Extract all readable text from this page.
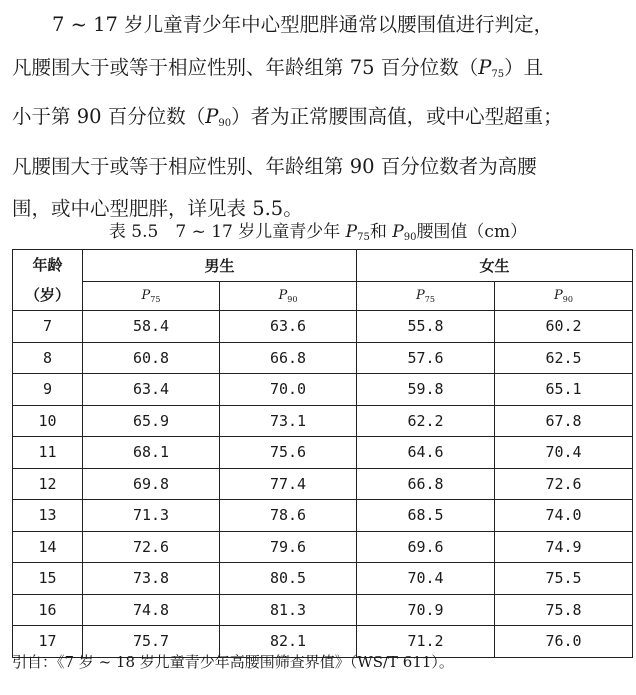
7 ~ 17 岁儿童青少年中心型肥胖通常以腰围值进行判定，
凡腰围大于或等于相应性别、年龄组第 75 百分位数$(P_{75})$且
小于第 90 百分位数$(P_{90})$者为正常腰围高值，或中心型超重；
凡腰围大于或等于相应性别、年龄组第 90 百分位数者为高腰
围，或中心型肥胖，详见表 5.5。
表 5.5　7 ~ 17 岁儿童青少年 $P_{75}$和 $P_{90}$腰围值（cm）
年龄
（岁）	男生		女生	
	$P_{75}$	$P_{90}$	$P_{75}$	$P_{90}$
7	58.4	63.6	55.8	60.2
8	60.8	66.8	57.6	62.5
9	63.4	70.0	59.8	65.1
10	65.9	73.1	62.2	67.8
11	68.1	75.6	64.6	70.4
12	69.8	77.4	66.8	72.6
13	71.3	78.6	68.5	74.0
14	72.6	79.6	69.6	74.9
15	73.8	80.5	70.4	75.5
16	74.8	81.3	70.9	75.8
17	75.7	82.1	71.2	76.0
引自：《7 岁 ~ 18 岁儿童青少年高腰围筛查界值》（WS/T 611）。
